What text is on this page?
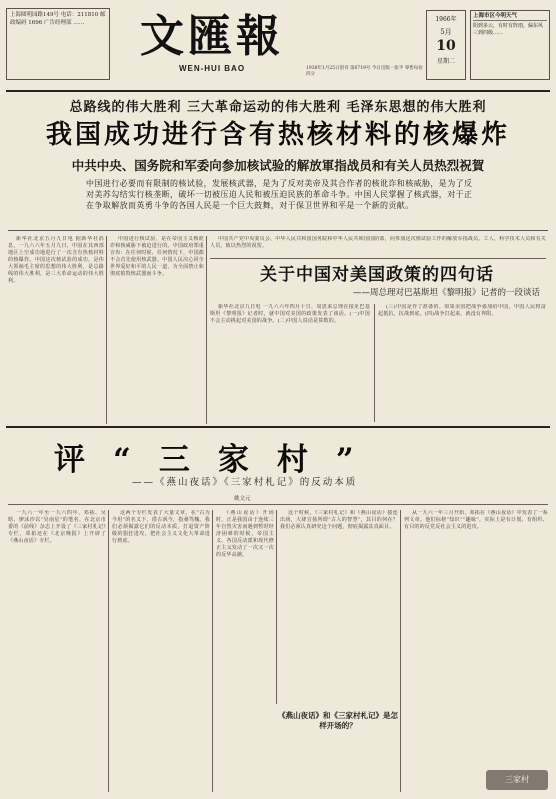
上海圆明园路149号 电话：211810 邮政编码 1696 广告经理部 ……	文匯報
WEN-HUI BAO	1938年1月25日创刊 第6719号 今日出版一张半 零售每份四分
1966年
5月
10
星期二
上海市区今明天气
阴到多云，有时有阵雨，偏东风三到四级……
总路线的伟大胜利 三大革命运动的伟大胜利 毛泽东思想的伟大胜利
我国成功进行含有热核材料的核爆炸
中共中央、国务院和军委向参加核试验的解放軍指战员和有关人员热烈祝賀
中国进行必要而有限制的核试验，发展核武器，是为了反对美帝及其合作者的核讹诈和核威胁，是为了反对美苏勾结实行核垄断，破坏一切被压迫人民和被压迫民族的革命斗争。中国人民掌握了核武器，对于正在争取解放而英勇斗争的各国人民是一个巨大鼓舞，对于保卫世界和平是一个新的贡献。

新华社北京五月九日电 据新华社消息，一九六六年五月九日，中国在其西部地区上空成功地进行了一次含有热核材料的核爆炸。中国这次核试验的成功，是伟大领袖毛主席的思想的伟大胜利，是总路线的伟大胜利，是三大革命运动的伟大胜利。

中国进行核试验，是在帝国主义核讹诈和核威胁下被迫进行的。中国政府郑重宣布：在任何时候、任何情况下，中国都不会首先使用核武器。中国人民决心同全世界爱好和平的人民一道，为全面禁止和彻底销毁核武器而斗争。

中国共产党中央委员会、中华人民共和国国务院和中华人民共和国国防部，向参加这次核试验工作的解放军指战员、工人、科学技术人员和有关人员，致以热烈的祝贺。

关于中国对美国政策的四句话
——周总理对巴基斯坦《黎明报》记者的一段谈话

新华社北京九日电 一九六六年四月十日，周恩来总理在接见巴基斯坦《黎明报》记者时，就中国对美国的政策发表了谈话。(一)中国不会主动挑起对美国的战争。(二)中国人说话是算数的。

(三)中国是作了准备的。如果美国把战争强加给中国，中国人民将奋起抵抗，抗战到底。(四)战争打起来，就没有界限。

评 “ 三 家 村 ”
——《燕山夜话》《三家村札记》的反动本质
姚文元

一九六一年至一九六四年，邓拓、吴晗、廖沫沙以“吴南星”的笔名，在北京市委的《前线》杂志上开设了《三家村札记》专栏，邓拓还在《北京晚报》上开辟了《燕山夜话》专栏。

这两个专栏发表了大量文章，在“古为今用”的名义下，借古讽今，指桑骂槐。我们必须揭露它们的反动本质，打退资产阶级的猖狂进攻，把社会主义文化大革命进行到底。

《燕山夜话》开场时，正是我国由于连续三年自然灾害而遇到暂时经济困难的时候，帝国主义、各国反动派和现代修正主义发动了一次又一次的反华高潮。

这个时候，《三家村札记》和《燕山夜话》接连出场，大肆宣扬所谓“古人的智慧”，其目的何在？我们必须认真研究这个问题，彻底揭露其真面目。

《燕山夜话》和《三家村札记》是怎样开场的？

从一九六一年三月开始，邓拓在《燕山夜话》中发表了一系列文章。他们标榜“知识”“趣味”，实际上是有计划、有组织、有目的的反党反社会主义的进攻。

三家村
